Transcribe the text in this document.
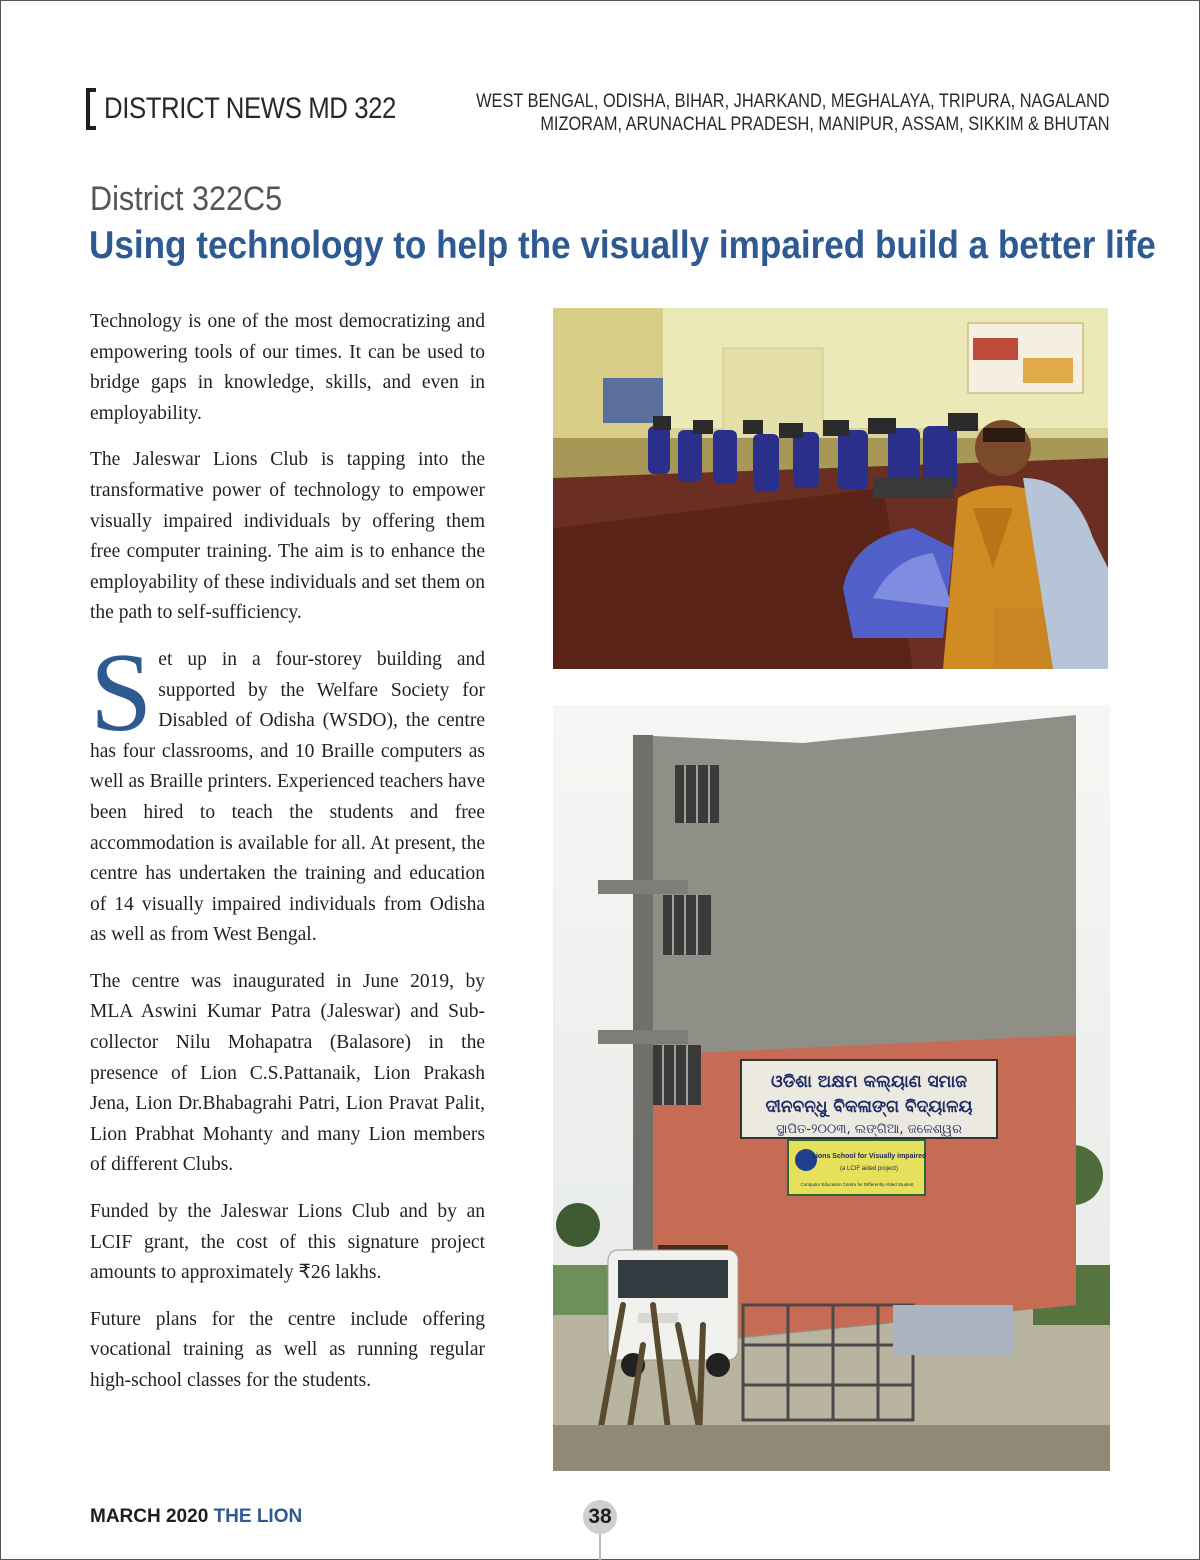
DISTRICT NEWS MD 322	WEST BENGAL, ODISHA, BIHAR, JHARKAND, MEGHALAYA, TRIPURA, NAGALAND
MIZORAM, ARUNACHAL PRADESH, MANIPUR, ASSAM, SIKKIM & BHUTAN
District 322C5
Using technology to help the visually impaired build a better life

Technology is one of the most democratizing and empowering tools of our times. It can be used to bridge gaps in knowledge, skills, and even in employability.

The Jaleswar Lions Club is tapping into the transformative power of technology to empower visually impaired individuals by offering them free computer training. The aim is to enhance the employability of these individuals and set them on the path to self-sufficiency.

Set up in a four-storey building and supported by the Welfare Society for Disabled of Odisha (WSDO), the centre has four classrooms, and 10 Braille computers as well as Braille printers. Experienced teachers have been hired to teach the students and free accommodation is available for all. At present, the centre has undertaken the training and education of 14 visually impaired individuals from Odisha as well as from West Bengal.

The centre was inaugurated in June 2019, by MLA Aswini Kumar Patra (Jaleswar) and Sub-collector Nilu Mohapatra (Balasore) in the presence of Lion C.S.Pattanaik, Lion Prakash Jena, Lion Dr.Bhabagrahi Patri, Lion Pravat Palit, Lion Prabhat Mohanty and many Lion members of different Clubs.

Funded by the Jaleswar Lions Club and by an LCIF grant, the cost of this signature project amounts to approximately ₹26 lakhs.

Future plans for the centre include offering vocational training as well as running regular high-school classes for the students.

ଓଡିଶା ଅକ୍ଷମ କଲ୍ୟାଣ ସମାଜ
ଦୀନବନ୍ଧୁ ବିକଳାଙ୍ଗ ବିଦ୍ୟାଳୟ
ସ୍ଥାପିତ-୨୦୦୩, ଲଙ୍ଗିଆ, ଜଳେଶ୍ୱର
Lions School for Visually impaired
(a LCIF aided project)
Computer Education Centre for Differently Abled Student
MARCH 2020 THE LION	38
